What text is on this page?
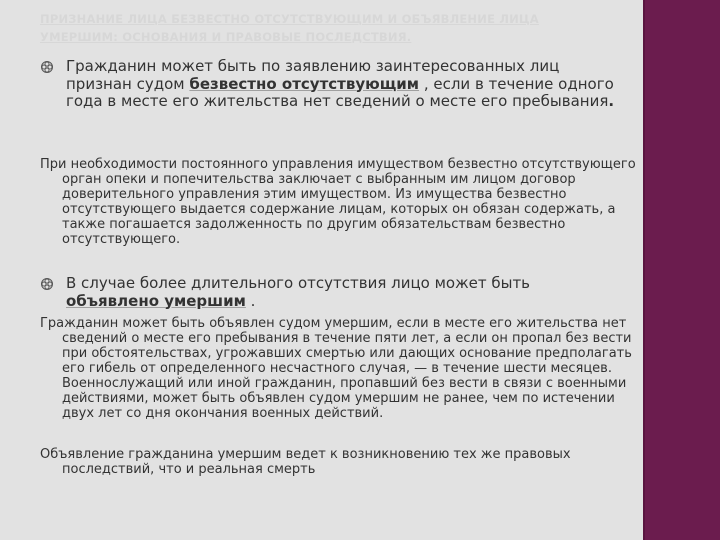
ПРИЗНАНИЕ ЛИЦА БЕЗВЕСТНО ОТСУТСТВУЮЩИМ И ОБЪЯВЛЕНИЕ ЛИЦА УМЕРШИМ: ОСНОВАНИЯ И ПРАВОВЫЕ ПОСЛЕДСТВИЯ.
Гражданин может быть по заявлению заинтересованных лиц признан судом безвестно отсутствующим , если в течение одного года в месте его жительства нет сведений о месте его пребывания.

При необходимости постоянного управления имуществом безвестно отсутствующего орган опеки и попечительства заключает с выбранным им лицом договор доверительного управления этим имуществом. Из имущества безвестно отсутствующего выдается содержание лицам, которых он обязан содержать, а также погашается задолженность по другим обязательствам безвестно отсутствующего.

В случае более длительного отсутствия лицо может быть объявлено умершим .

Гражданин может быть объявлен судом умершим, если в месте его жительства нет сведений о месте его пребывания в течение пяти лет, а если он пропал без вести при обстоятельствах, угрожавших смертью или дающих основание предполагать его гибель от определенного несчастного случая, — в течение шести месяцев. Военнослужащий или иной гражданин, пропавший без вести в связи с военными действиями, может быть объявлен судом умершим не ранее, чем по истечении двух лет со дня окончания военных действий.

Объявление гражданина умершим ведет к возникновению тех же правовых последствий, что и реальная смерть
